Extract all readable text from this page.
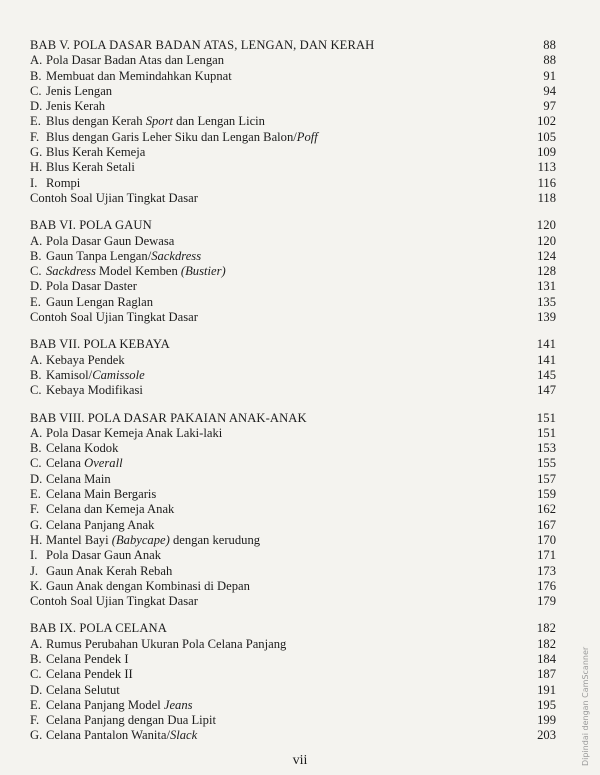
BAB V. POLA DASAR BADAN ATAS, LENGAN, DAN KERAH	88
A. Pola Dasar Badan Atas dan Lengan	88
B. Membuat dan Memindahkan Kupnat	91
C. Jenis Lengan	94
D. Jenis Kerah	97
E. Blus dengan Kerah Sport dan Lengan Licin	102
F. Blus dengan Garis Leher Siku dan Lengan Balon/Poff	105
G. Blus Kerah Kemeja	109
H. Blus Kerah Setali	113
I. Rompi	116
Contoh Soal Ujian Tingkat Dasar	118
BAB VI. POLA GAUN	120
A. Pola Dasar Gaun Dewasa	120
B. Gaun Tanpa Lengan/Sackdress	124
C. Sackdress Model Kemben (Bustier)	128
D. Pola Dasar Daster	131
E. Gaun Lengan Raglan	135
Contoh Soal Ujian Tingkat Dasar	139
BAB VII. POLA KEBAYA	141
A. Kebaya Pendek	141
B. Kamisol/Camissole	145
C. Kebaya Modifikasi	147
BAB VIII. POLA DASAR PAKAIAN ANAK-ANAK	151
A. Pola Dasar Kemeja Anak Laki-laki	151
B. Celana Kodok	153
C. Celana Overall	155
D. Celana Main	157
E. Celana Main Bergaris	159
F. Celana dan Kemeja Anak	162
G. Celana Panjang Anak	167
H. Mantel Bayi (Babycape) dengan kerudung	170
I. Pola Dasar Gaun Anak	171
J. Gaun Anak Kerah Rebah	173
K. Gaun Anak dengan Kombinasi di Depan	176
Contoh Soal Ujian Tingkat Dasar	179
BAB IX. POLA CELANA	182
A. Rumus Perubahan Ukuran Pola Celana Panjang	182
B. Celana Pendek I	184
C. Celana Pendek II	187
D. Celana Selutut	191
E. Celana Panjang Model Jeans	195
F. Celana Panjang dengan Dua Lipit	199
G. Celana Pantalon Wanita/Slack	203
vii	Dipindai dengan CamScanner
